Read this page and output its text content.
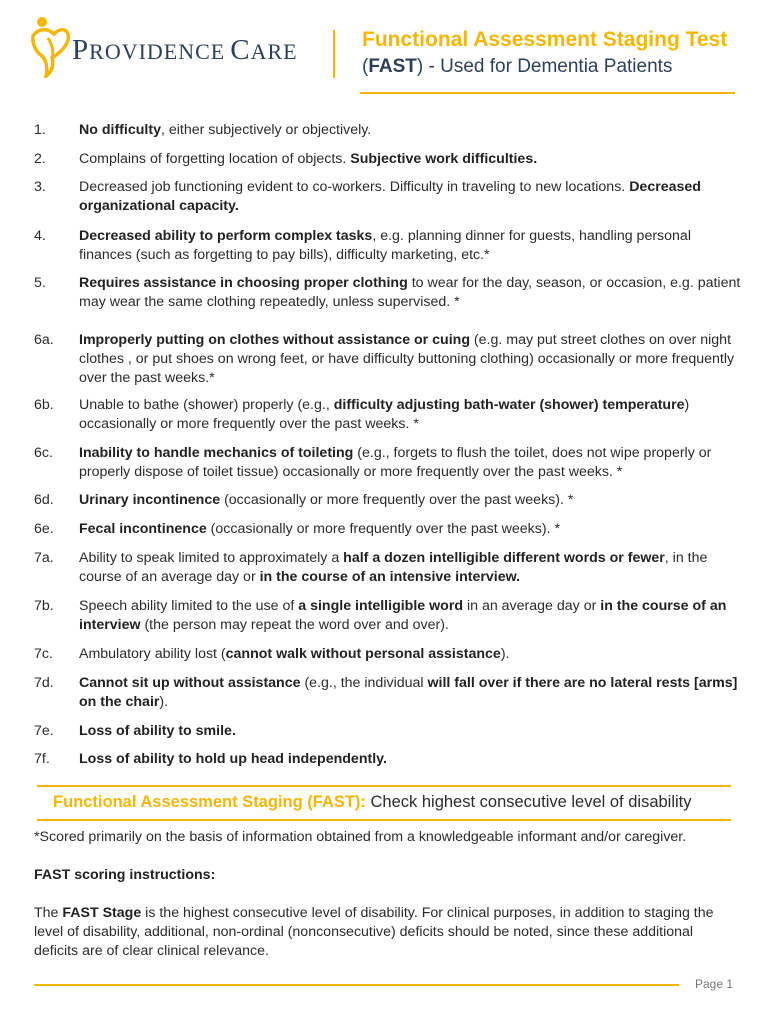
PROVIDENCE CARE	Functional Assessment Staging Test
(FAST) - Used for Dementia Patients
1. No difficulty, either subjectively or objectively.
2. Complains of forgetting location of objects. Subjective work difficulties.
3. Decreased job functioning evident to co-workers. Difficulty in traveling to new locations. Decreased organizational capacity.
4. Decreased ability to perform complex tasks, e.g. planning dinner for guests, handling personal finances (such as forgetting to pay bills), difficulty marketing, etc.*
5. Requires assistance in choosing proper clothing to wear for the day, season, or occasion, e.g. patient may wear the same clothing repeatedly, unless supervised. *
6a. Improperly putting on clothes without assistance or cuing (e.g. may put street clothes on over night clothes , or put shoes on wrong feet, or have difficulty buttoning clothing) occasionally or more frequently over the past weeks.*
6b. Unable to bathe (shower) properly (e.g., difficulty adjusting bath-water (shower) temperature) occasionally or more frequently over the past weeks. *
6c. Inability to handle mechanics of toileting (e.g., forgets to flush the toilet, does not wipe properly or properly dispose of toilet tissue) occasionally or more frequently over the past weeks. *
6d. Urinary incontinence (occasionally or more frequently over the past weeks). *
6e. Fecal incontinence (occasionally or more frequently over the past weeks). *
7a. Ability to speak limited to approximately a half a dozen intelligible different words or fewer, in the course of an average day or in the course of an intensive interview.
7b. Speech ability limited to the use of a single intelligible word in an average day or in the course of an interview (the person may repeat the word over and over).
7c. Ambulatory ability lost (cannot walk without personal assistance).
7d. Cannot sit up without assistance (e.g., the individual will fall over if there are no lateral rests [arms] on the chair).
7e. Loss of ability to smile.
7f. Loss of ability to hold up head independently.
Functional Assessment Staging (FAST): Check highest consecutive level of disability
*Scored primarily on the basis of information obtained from a knowledgeable informant and/or caregiver.
FAST scoring instructions:
The FAST Stage is the highest consecutive level of disability. For clinical purposes, in addition to staging the level of disability, additional, non-ordinal (nonconsecutive) deficits should be noted, since these additional deficits are of clear clinical relevance.
Page 1
